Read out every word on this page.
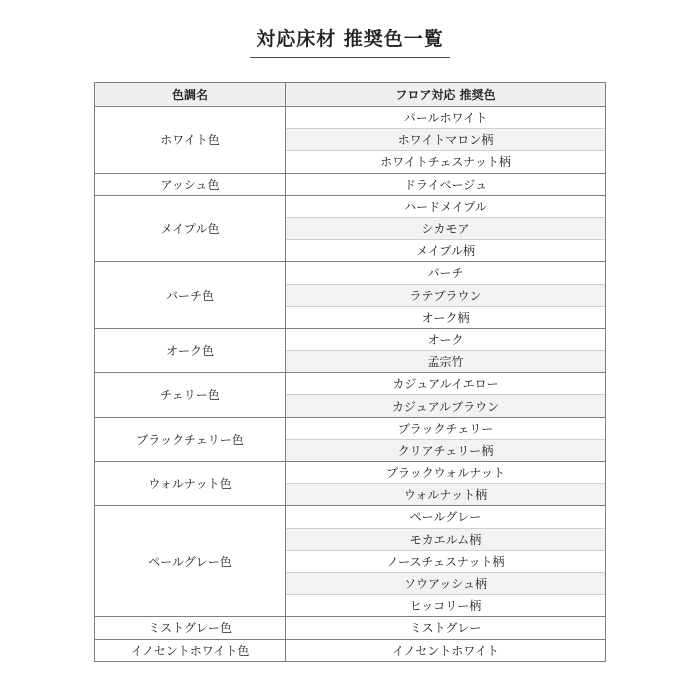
対応床材 推奨色一覧
色調名	フロア対応 推奨色
ホワイト色	パールホワイト
	ホワイトマロン柄
	ホワイトチェスナット柄
アッシュ色	ドライベージュ
メイプル色	ハードメイプル
	シカモア
	メイプル柄
バーチ色	バーチ
	ラテブラウン
	オーク柄
オーク色	オーク
	孟宗竹
チェリー色	カジュアルイエロー
	カジュアルブラウン
ブラックチェリー色	ブラックチェリー
	クリアチェリー柄
ウォルナット色	ブラックウォルナット
	ウォルナット柄
ペールグレー色	ペールグレー
	モカエルム柄
	ノースチェスナット柄
	ソウアッシュ柄
	ヒッコリー柄
ミストグレー色	ミストグレー
イノセントホワイト色	イノセントホワイト
